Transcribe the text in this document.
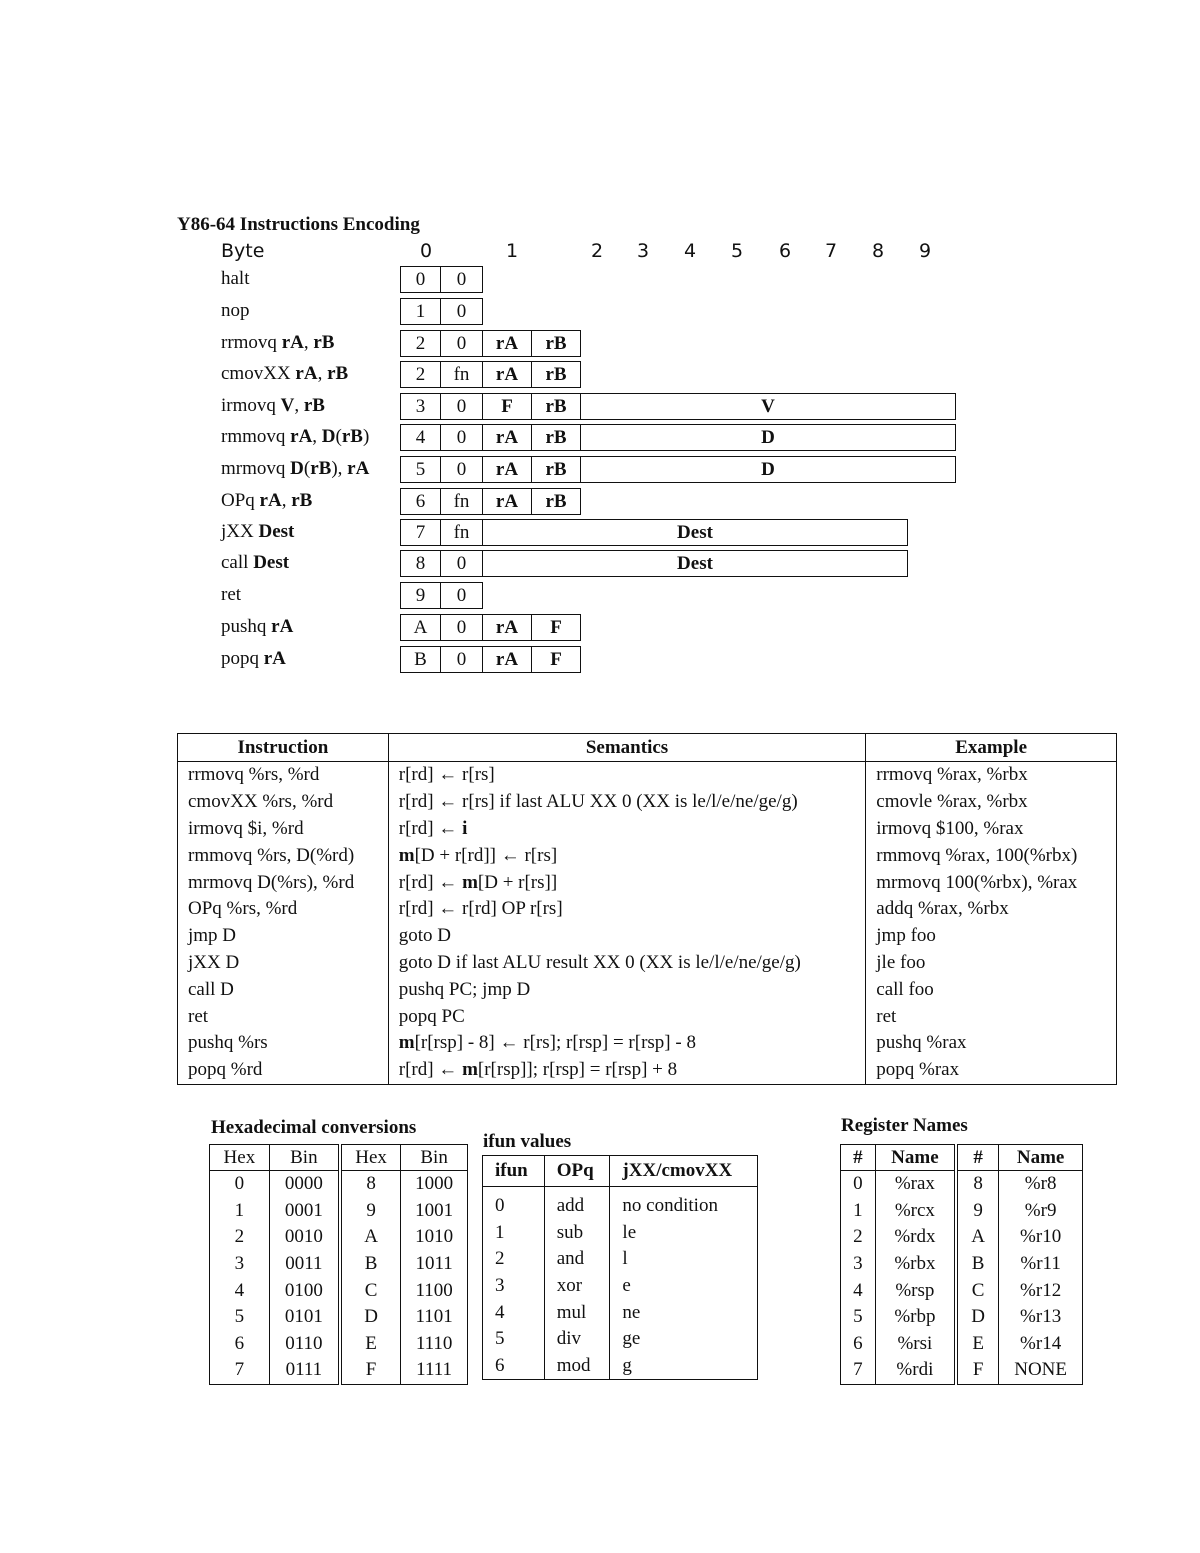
Y86-64 Instructions Encoding
Byte	0	1	2 3 4 5 6 7 8 9
halt	0	0
nop	1	0
rrmovq rA, rB	2	0	rA	rB
cmovXX rA, rB	2	fn	rA	rB
irmovq V, rB	3	0	F	rB	V
rmmovq rA, D(rB)	4	0	rA	rB	D
mrmovq D(rB), rA	5	0	rA	rB	D
OPq rA, rB	6	fn	rA	rB
jXX Dest	7	fn	Dest
call Dest	8	0	Dest
ret	9	0
pushq rA	A	0	rA	F
popq rA	B	0	rA	F
Instruction	Semantics	Example
rrmovq %rs, %rd	r[rd] ← r[rs]	rrmovq %rax, %rbx
cmovXX %rs, %rd	r[rd] ← r[rs] if last ALU XX 0 (XX is le/l/e/ne/ge/g)	cmovle %rax, %rbx
irmovq $i, %rd	r[rd] ← i	irmovq $100, %rax
rmmovq %rs, D(%rd)	m[D + r[rd]] ← r[rs]	rmmovq %rax, 100(%rbx)
mrmovq D(%rs), %rd	r[rd] ← m[D + r[rs]]	mrmovq 100(%rbx), %rax
OPq %rs, %rd	r[rd] ← r[rd] OP r[rs]	addq %rax, %rbx
jmp D	goto D	jmp foo
jXX D	goto D if last ALU result XX 0 (XX is le/l/e/ne/ge/g)	jle foo
call D	pushq PC; jmp D	call foo
ret	popq PC	ret
pushq %rs	m[r[rsp] - 8] ← r[rs]; r[rsp] = r[rsp] - 8	pushq %rax
popq %rd	r[rd] ← m[r[rsp]]; r[rsp] = r[rsp] + 8	popq %rax
Hexadecimal conversions
Hex	Bin	Hex	Bin
0	0000	8	1000
1	0001	9	1001
2	0010	A	1010
3	0011	B	1011
4	0100	C	1100
5	0101	D	1101
6	0110	E	1110
7	0111	F	1111
ifun values
ifun	OPq	jXX/cmovXX
0	add	no condition
1	sub	le
2	and	l
3	xor	e
4	mul	ne
5	div	ge
6	mod	g
Register Names
#	Name	#	Name
0	%rax	8	%r8
1	%rcx	9	%r9
2	%rdx	A	%r10
3	%rbx	B	%r11
4	%rsp	C	%r12
5	%rbp	D	%r13
6	%rsi	E	%r14
7	%rdi	F	NONE
